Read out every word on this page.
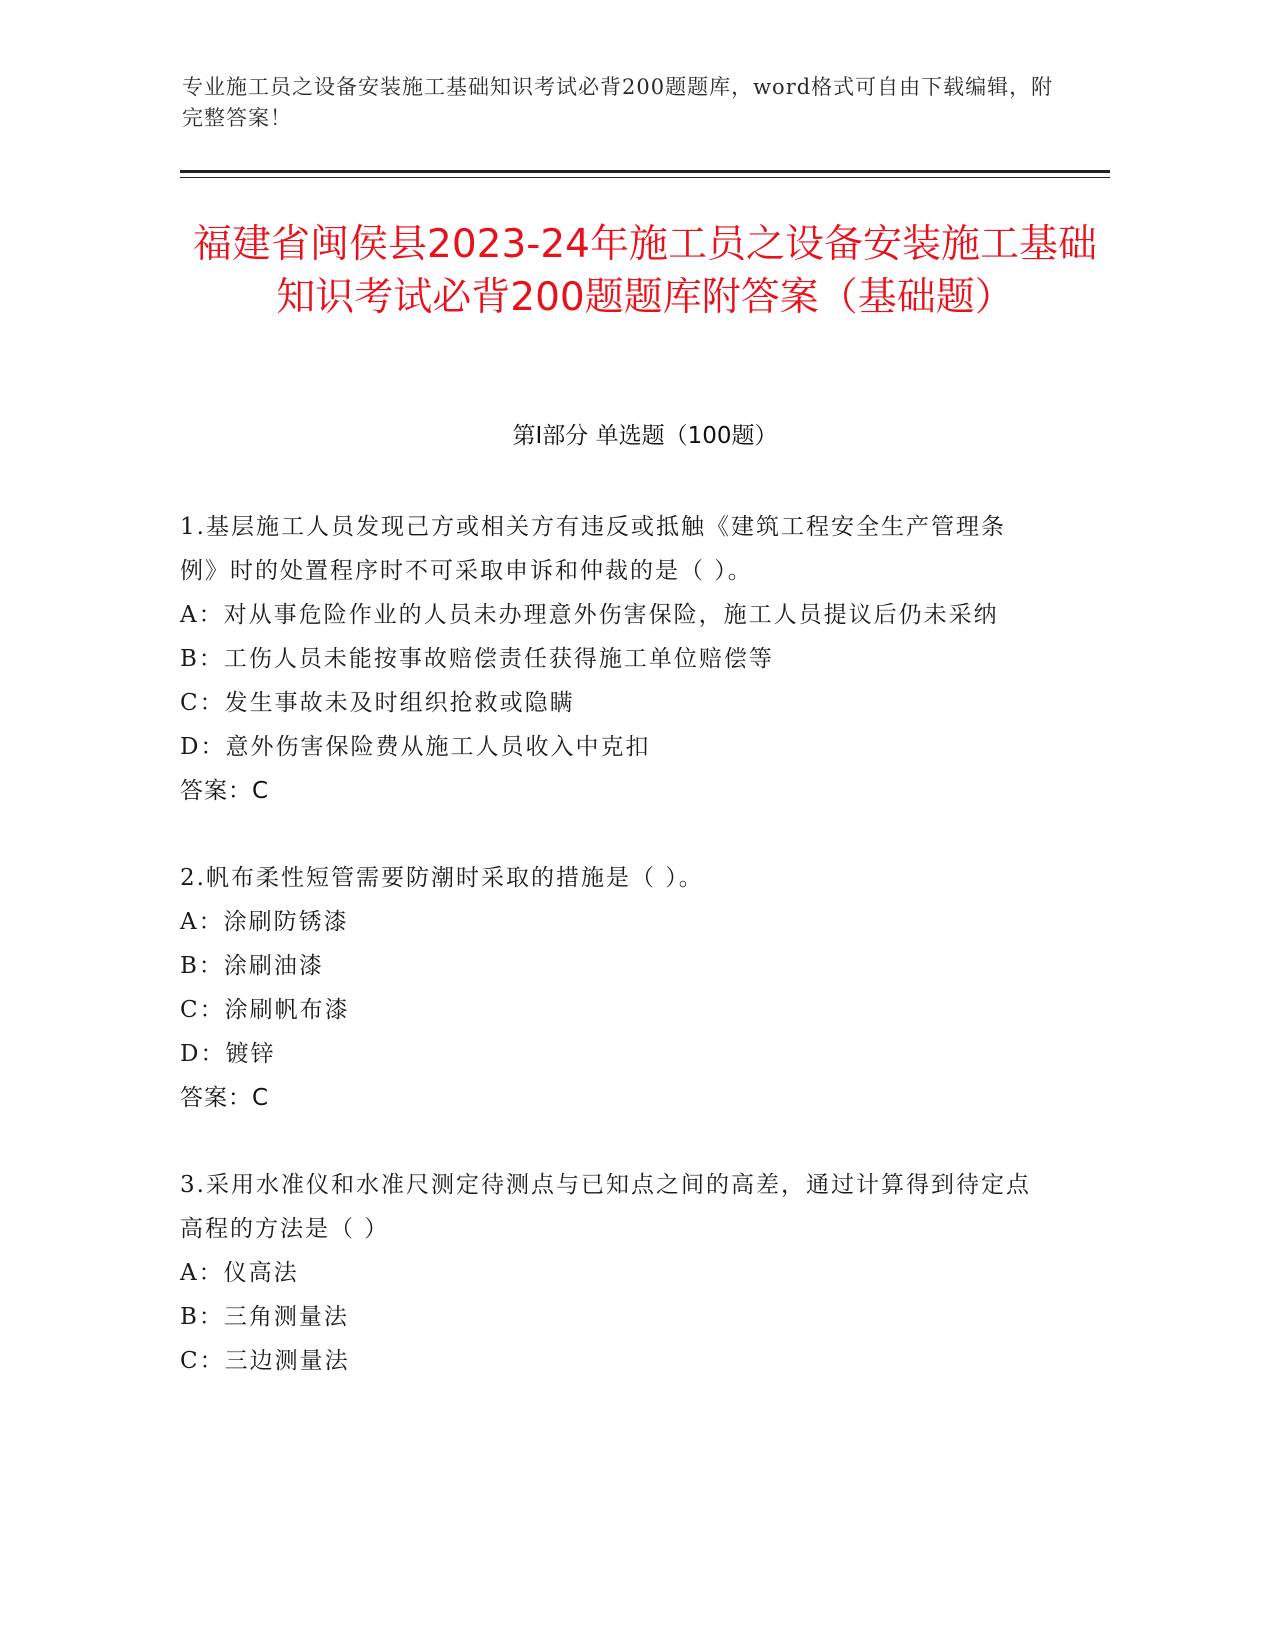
专业施工员之设备安装施工基础知识考试必背200题题库，word格式可自由下载编辑，附完整答案！
福建省闽侯县2023-24年施工员之设备安装施工基础知识考试必背200题题库附答案（基础题）
第Ⅰ部分 单选题（100题）

1.基层施工人员发现己方或相关方有违反或抵触《建筑工程安全生产管理条例》时的处置程序时不可采取申诉和仲裁的是（ ）。

A：对从事危险作业的人员未办理意外伤害保险，施工人员提议后仍未采纳

B：工伤人员未能按事故赔偿责任获得施工单位赔偿等

C：发生事故未及时组织抢救或隐瞒

D：意外伤害保险费从施工人员收入中克扣

答案：C

2.帆布柔性短管需要防潮时采取的措施是（ ）。

A：涂刷防锈漆

B：涂刷油漆

C：涂刷帆布漆

D：镀锌

答案：C

3.采用水准仪和水准尺测定待测点与已知点之间的高差，通过计算得到待定点高程的方法是（ ）

A：仪高法

B：三角测量法

C：三边测量法
